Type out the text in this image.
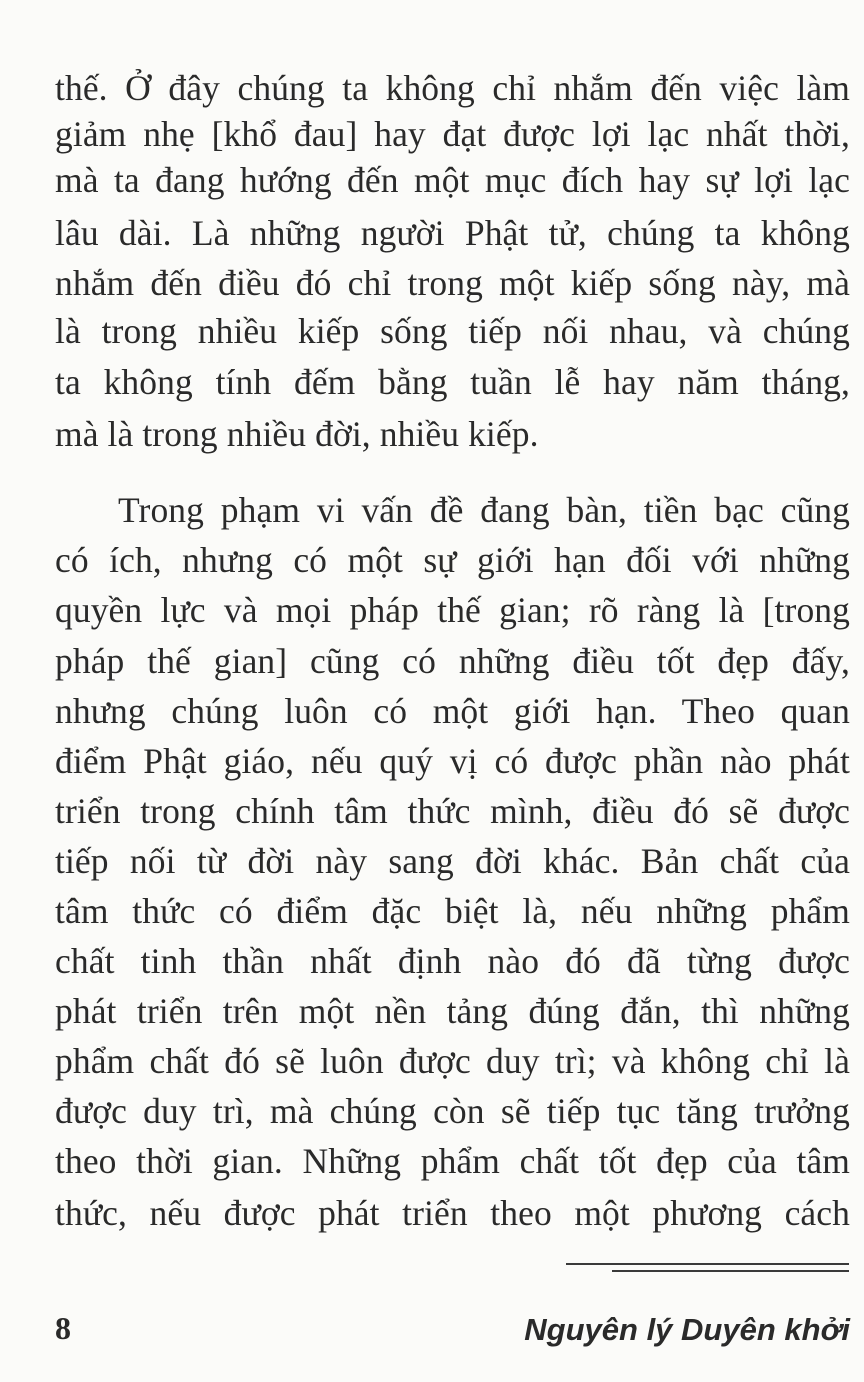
thế. Ở đây chúng ta không chỉ nhắm đến việc làm
giảm nhẹ [khổ đau] hay đạt được lợi lạc nhất thời,
mà ta đang hướng đến một mục đích hay sự lợi lạc
lâu dài. Là những người Phật tử, chúng ta không
nhắm đến điều đó chỉ trong một kiếp sống này, mà
là trong nhiều kiếp sống tiếp nối nhau, và chúng
ta không tính đếm bằng tuần lễ hay năm tháng,
mà là trong nhiều đời, nhiều kiếp.
Trong phạm vi vấn đề đang bàn, tiền bạc cũng
có ích, nhưng có một sự giới hạn đối với những
quyền lực và mọi pháp thế gian; rõ ràng là [trong
pháp thế gian] cũng có những điều tốt đẹp đấy,
nhưng chúng luôn có một giới hạn. Theo quan
điểm Phật giáo, nếu quý vị có được phần nào phát
triển trong chính tâm thức mình, điều đó sẽ được
tiếp nối từ đời này sang đời khác. Bản chất của
tâm thức có điểm đặc biệt là, nếu những phẩm
chất tinh thần nhất định nào đó đã từng được
phát triển trên một nền tảng đúng đắn, thì những
phẩm chất đó sẽ luôn được duy trì; và không chỉ là
được duy trì, mà chúng còn sẽ tiếp tục tăng trưởng
theo thời gian. Những phẩm chất tốt đẹp của tâm
thức, nếu được phát triển theo một phương cách
8	Nguyên lý Duyên khởi
